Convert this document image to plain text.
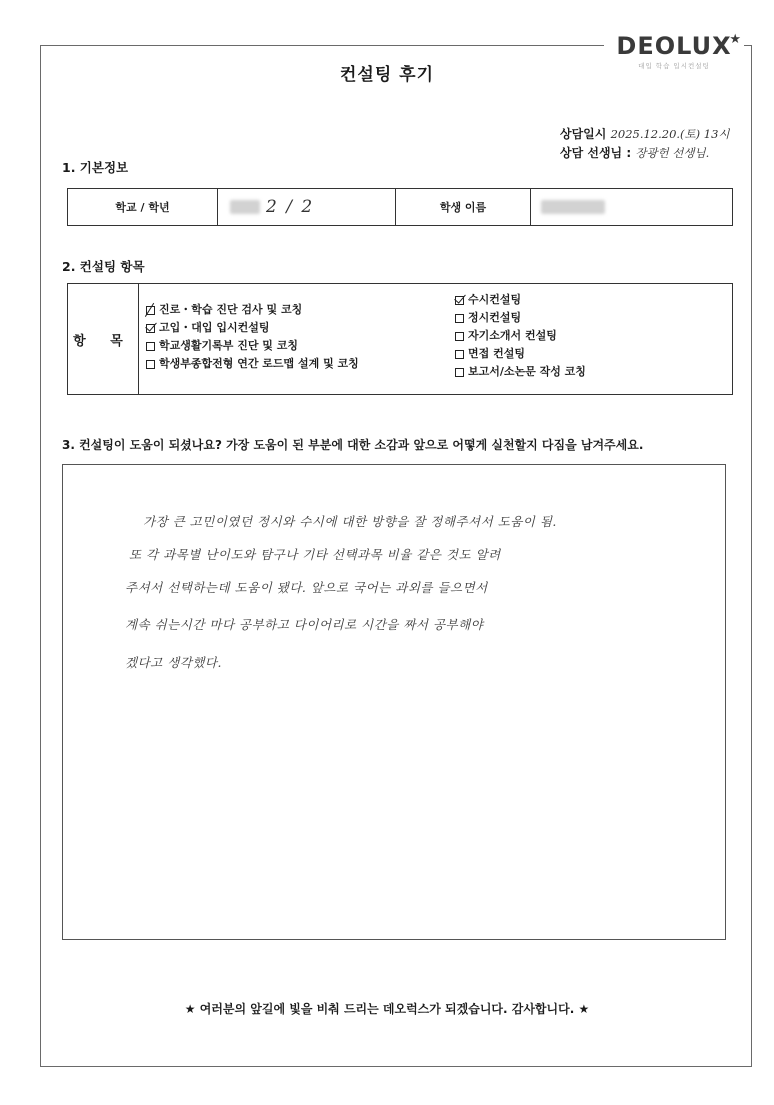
DEOLUX
★
대입 학습 입시컨설팅
컨설팅 후기
상담일시 2025.12.20.(토) 13시
상담 선생님 : 장광헌 선생님.
1. 기본정보
학교 / 학년	2 / 2	학생 이름
2. 컨설팅 항목
항 목
진로・학습 진단 검사 및 코칭
고입・대입 입시컨설팅
학교생활기록부 진단 및 코칭
학생부종합전형 연간 로드맵 설계 및 코칭
수시컨설팅
정시컨설팅
자기소개서 컨설팅
면접 컨설팅
보고서/소논문 작성 코칭
3. 컨설팅이 도움이 되셨나요? 가장 도움이 된 부분에 대한 소감과 앞으로 어떻게 실천할지 다짐을 남겨주세요.
가장 큰 고민이였던 정시와 수시에 대한 방향을 잘 정해주셔서 도움이 됨.
또 각 과목별 난이도와 탐구나 기타 선택과목 비율 같은 것도 알려
주셔서 선택하는데 도움이 됐다. 앞으로 국어는 과외를 들으면서
계속 쉬는시간 마다 공부하고 다이어리로 시간을 짜서 공부해야
겠다고 생각했다.
★ 여러분의 앞길에 빛을 비춰 드리는 데오럭스가 되겠습니다. 감사합니다. ★
